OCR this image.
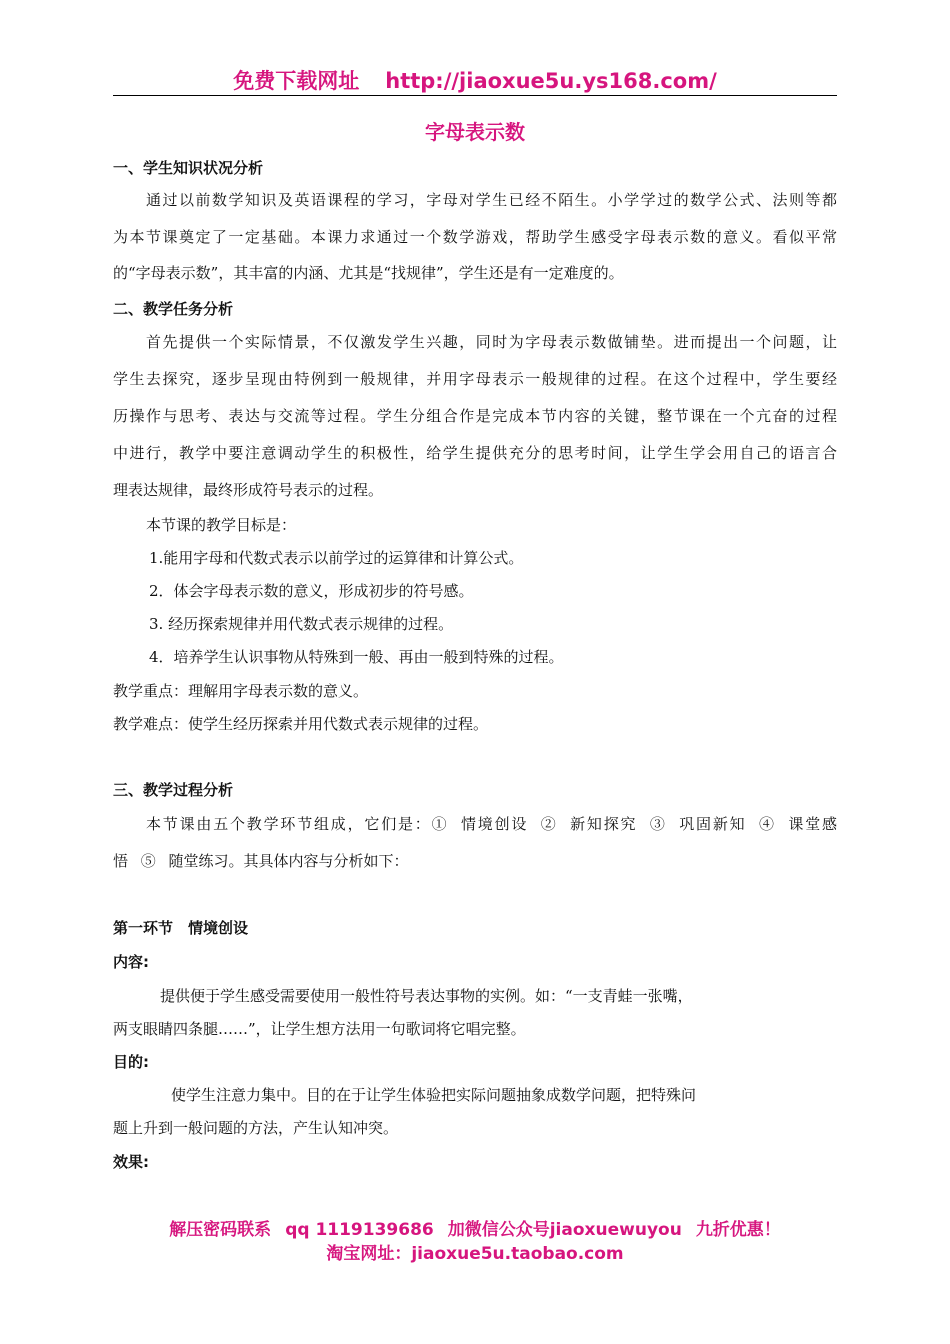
免费下载网址 http://jiaoxue5u.ys168.com/
字母表示数
一、学生知识状况分析
通过以前数学知识及英语课程的学习，字母对学生已经不陌生。小学学过的数学公式、法则等都
为本节课奠定了一定基础。本课力求通过一个数学游戏，帮助学生感受字母表示数的意义。看似平常
的“字母表示数”，其丰富的内涵、尤其是“找规律”，学生还是有一定难度的。
二、教学任务分析
首先提供一个实际情景，不仅激发学生兴趣，同时为字母表示数做铺垫。进而提出一个问题，让
学生去探究，逐步呈现由特例到一般规律，并用字母表示一般规律的过程。在这个过程中，学生要经
历操作与思考、表达与交流等过程。学生分组合作是完成本节内容的关键，整节课在一个亢奋的过程
中进行，教学中要注意调动学生的积极性，给学生提供充分的思考时间，让学生学会用自己的语言合
理表达规律，最终形成符号表示的过程。
本节课的教学目标是：
1.能用字母和代数式表示以前学过的运算律和计算公式。
2．体会字母表示数的意义，形成初步的符号感。
3. 经历探索规律并用代数式表示规律的过程。
4．培养学生认识事物从特殊到一般、再由一般到特殊的过程。
教学重点：理解用字母表示数的意义。
教学难点：使学生经历探索并用代数式表示规律的过程。
三、教学过程分析
本节课由五个教学环节组成，它们是：① 情境创设 ② 新知探究 ③ 巩固新知 ④ 课堂感
悟 ⑤ 随堂练习。其具体内容与分析如下：
第一环节　情境创设
内容:
提供便于学生感受需要使用一般性符号表达事物的实例。如：“一支青蛙一张嘴，
两支眼睛四条腿……”，让学生想方法用一句歌词将它唱完整。
目的:
使学生注意力集中。目的在于让学生体验把实际问题抽象成数学问题，把特殊问
题上升到一般问题的方法，产生认知冲突。
效果:
解压密码联系 qq 1119139686 加微信公众号jiaoxuewuyou 九折优惠！
淘宝网址：jiaoxue5u.taobao.com
